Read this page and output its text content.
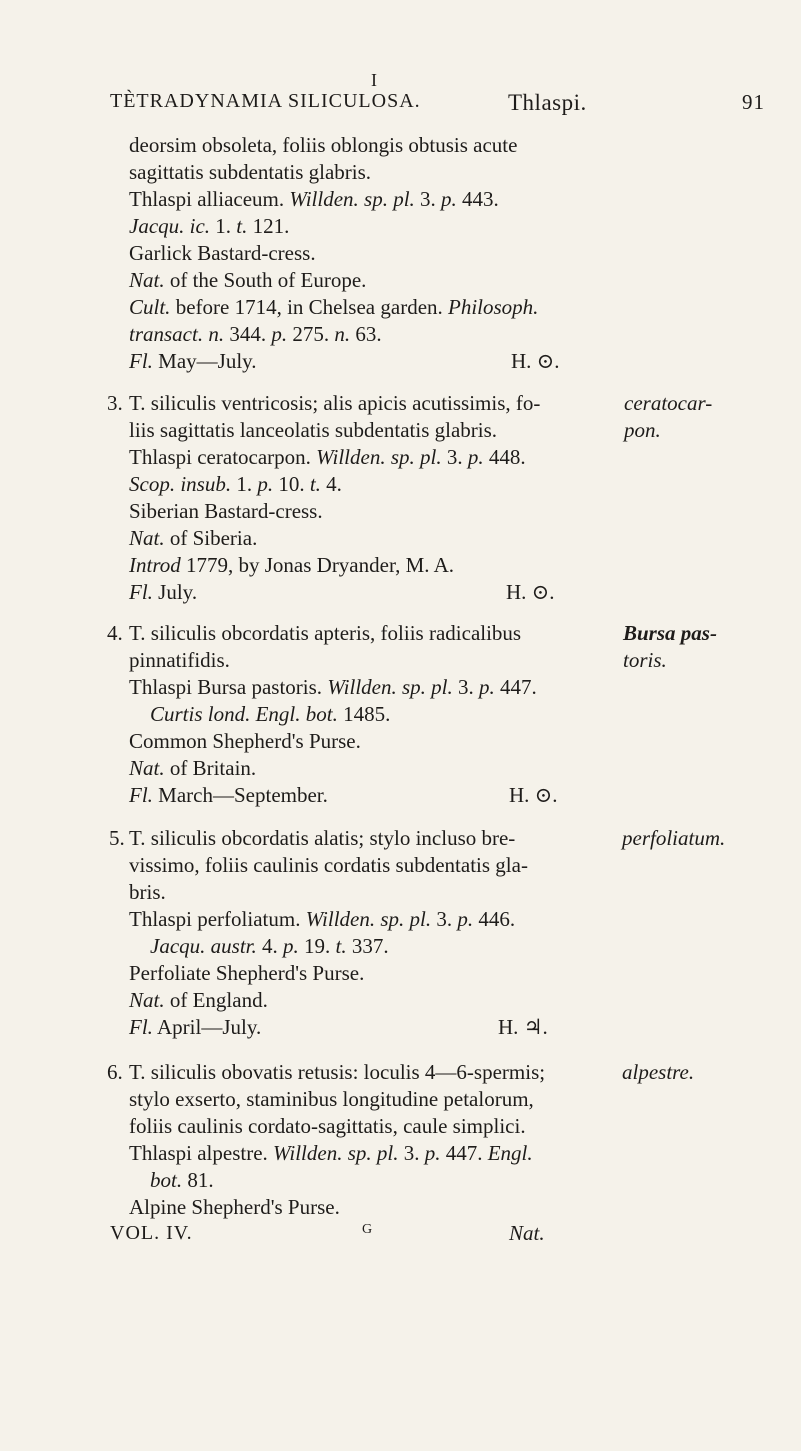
I
TÈTRADYNAMIA SILICULOSA.	Thlaspi.	91
deorsim obsoleta, foliis oblongis obtusis acute
sagittatis subdentatis glabris.
Thlaspi alliaceum. Willden. sp. pl. 3. p. 443.
Jacqu. ic. 1. t. 121.
Garlick Bastard-cress.
Nat. of the South of Europe.
Cult. before 1714, in Chelsea garden. Philosoph.
transact. n. 344. p. 275. n. 63.
Fl. May—July.	H. ⊙.
3. T. siliculis ventricosis; alis apicis acutissimis, fo-
liis sagittatis lanceolatis subdentatis glabris.
Thlaspi ceratocarpon. Willden. sp. pl. 3. p. 448.
Scop. insub. 1. p. 10. t. 4.
Siberian Bastard-cress.
Nat. of Siberia.
Introd 1779, by Jonas Dryander, M. A.
Fl. July.	H. ⊙.
ceratocar-
pon.
4. T. siliculis obcordatis apteris, foliis radicalibus
pinnatifidis.
Thlaspi Bursa pastoris. Willden. sp. pl. 3. p. 447.
Curtis lond. Engl. bot. 1485.
Common Shepherd's Purse.
Nat. of Britain.
Fl. March—September.	H. ⊙.
Bursa pas-
toris.
5. T. siliculis obcordatis alatis; stylo incluso bre-
vissimo, foliis caulinis cordatis subdentatis gla-
bris.
Thlaspi perfoliatum. Willden. sp. pl. 3. p. 446.
Jacqu. austr. 4. p. 19. t. 337.
Perfoliate Shepherd's Purse.
Nat. of England.
Fl. April—July.	H. ♃.
perfoliatum.
6. T. siliculis obovatis retusis: loculis 4—6-spermis;
stylo exserto, staminibus longitudine petalorum,
foliis caulinis cordato-sagittatis, caule simplici.
Thlaspi alpestre. Willden. sp. pl. 3. p. 447. Engl.
bot. 81.
Alpine Shepherd's Purse.
alpestre.
VOL. IV.	G	Nat.
